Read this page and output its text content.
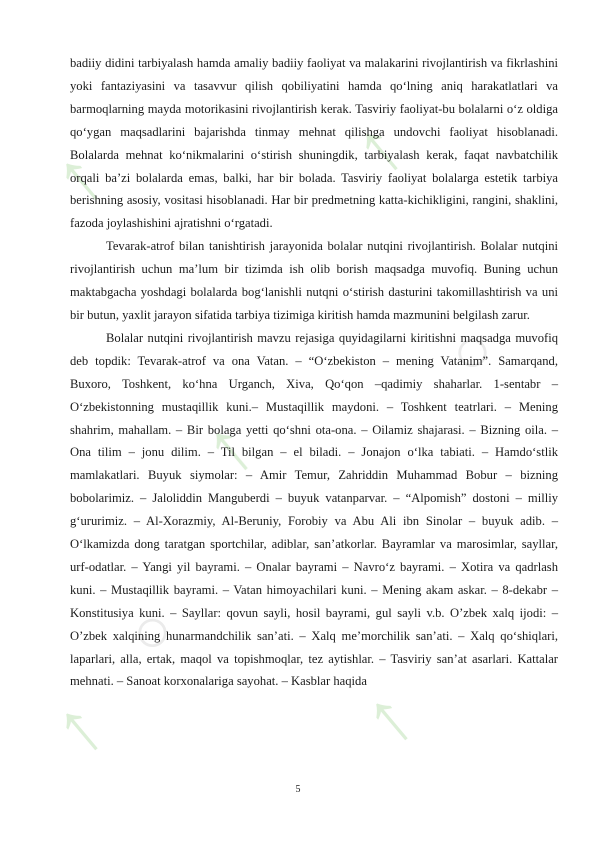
↑	↑
↑
↑	↑
○
○

badiiy didini tarbiyalash hamda amaliy badiiy faoliyat va malakarini rivojlantirish va fikrlashini yoki fantaziyasini va tasavvur qilish qobiliyatini hamda qo‘lning aniq harakatlatlari va barmoqlarning mayda motorikasini rivojlantirish kerak. Tasviriy faoliyat-bu bolalarni o‘z oldiga qo‘ygan maqsadlarini bajarishda tinmay mehnat qilishga undovchi faoliyat hisoblanadi. Bolalarda mehnat ko‘nikmalarini o‘stirish shuningdik, tarbiyalash kerak, faqat navbatchilik orqali ba’zi bolalarda emas, balki, har bir bolada. Tasviriy faoliyat bolalarga estetik tarbiya berishning asosiy, vositasi hisoblanadi. Har bir predmetning katta-kichikligini, rangini, shaklini, fazoda joylashishini ajratishni o‘rgatadi.

Tevarak-atrof bilan tanishtirish jarayonida bolalar nutqini rivojlantirish. Bolalar nutqini rivojlantirish uchun ma’lum bir tizimda ish olib borish maqsadga muvofiq. Buning uchun maktabgacha yoshdagi bolalarda bog‘lanishli nutqni o‘stirish dasturini takomillashtirish va uni bir butun, yaxlit jarayon sifatida tarbiya tizimiga kiritish hamda mazmunini belgilash zarur.

Bolalar nutqini rivojlantirish mavzu rejasiga quyidagilarni kiritishni maqsadga muvofiq deb topdik: Tevarak-atrof va ona Vatan. – “O‘zbekiston – mening Vatanim”. Samarqand, Buxoro, Toshkent, ko‘hna Urganch, Xiva, Qo‘qon –qadimiy shaharlar. 1-sentabr – O‘zbekistonning mustaqillik kuni.– Mustaqillik maydoni. – Toshkent teatrlari. – Mening shahrim, mahallam. – Bir bolaga yetti qo‘shni ota-ona. – Oilamiz shajarasi. – Bizning oila. – Ona tilim – jonu dilim. – Til bilgan – el biladi. – Jonajon o‘lka tabiati. – Hamdo‘stlik mamlakatlari. Buyuk siymolar: – Amir Temur, Zahriddin Muhammad Bobur – bizning bobolarimiz. – Jaloliddin Manguberdi – buyuk vatanparvar. – “Alpomish” dostoni – milliy g‘ururimiz. – Al-Xorazmiy, Al-Beruniy, Forobiy va Abu Ali ibn Sinolar – buyuk adib. – O‘lkamizda dong taratgan sportchilar, adiblar, san’atkorlar. Bayramlar va marosimlar, sayllar, urf-odatlar. – Yangi yil bayrami. – Onalar bayrami – Navro‘z bayrami. – Xotira va qadrlash kuni. – Mustaqillik bayrami. – Vatan himoyachilari kuni. – Mening akam askar. – 8-dekabr – Konstitusiya kuni. – Sayllar: qovun sayli, hosil bayrami, gul sayli v.b. O’zbek xalq ijodi: – O’zbek xalqining hunarmandchilik san’ati. – Xalq me’morchilik san’ati. – Xalq qo‘shiqlari, laparlari, alla, ertak, maqol va topishmoqlar, tez aytishlar. – Tasviriy san’at asarlari. Kattalar mehnati. – Sanoat korxonalariga sayohat. – Kasblar haqida

5
